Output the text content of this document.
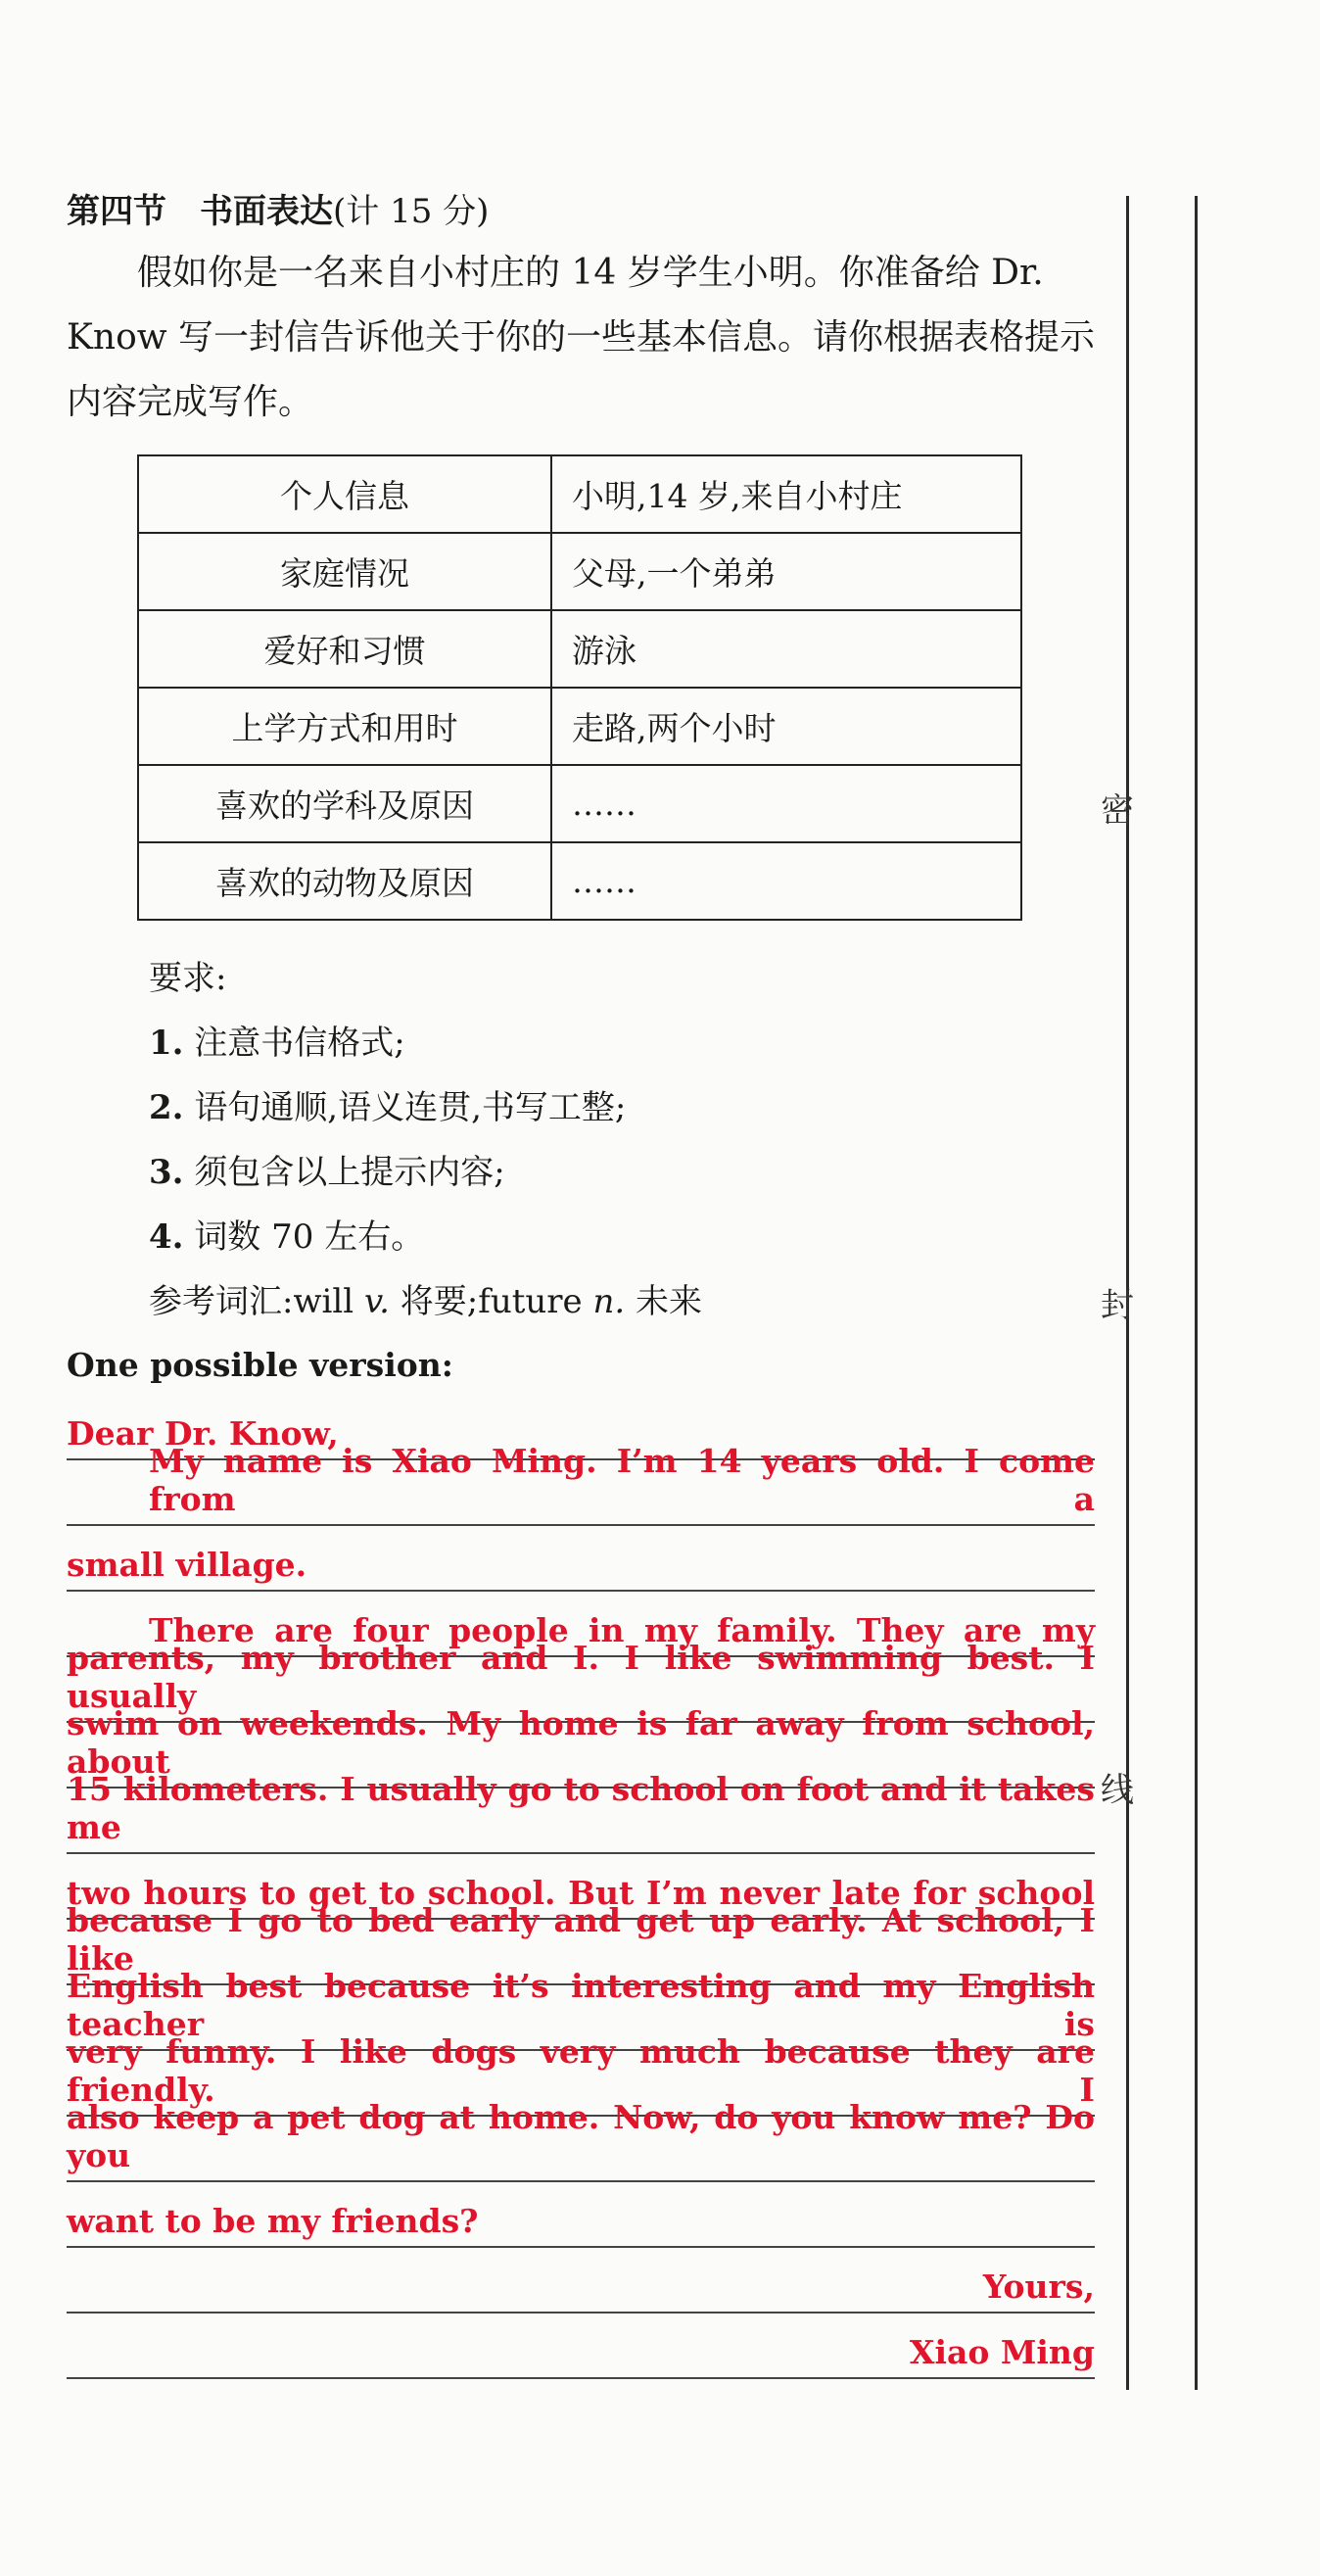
密
封
线
第四节　书面表达(计 15 分)

假如你是一名来自小村庄的 14 岁学生小明。你准备给 Dr. Know 写一封信告诉他关于你的一些基本信息。请你根据表格提示内容完成写作。

个人信息	小明,14 岁,来自小村庄
家庭情况	父母,一个弟弟
爱好和习惯	游泳
上学方式和用时	走路,两个小时
喜欢的学科及原因	……
喜欢的动物及原因	……
要求:
1. 注意书信格式;
2. 语句通顺,语义连贯,书写工整;
3. 须包含以上提示内容;
4. 词数 70 左右。
参考词汇:will v. 将要;future n. 未来
One possible version:
Dear Dr. Know,
My name is Xiao Ming. I’m 14 years old. I come from a
small village.
There are four people in my family. They are my
parents, my brother and I. I like swimming best. I usually
swim on weekends. My home is far away from school, about
15 kilometers. I usually go to school on foot and it takes me
two hours to get to school. But I’m never late for school
because I go to bed early and get up early. At school, I like
English best because it’s interesting and my English teacher is
very funny. I like dogs very much because they are friendly. I
also keep a pet dog at home. Now, do you know me? Do you
want to be my friends?
Yours,
Xiao Ming
